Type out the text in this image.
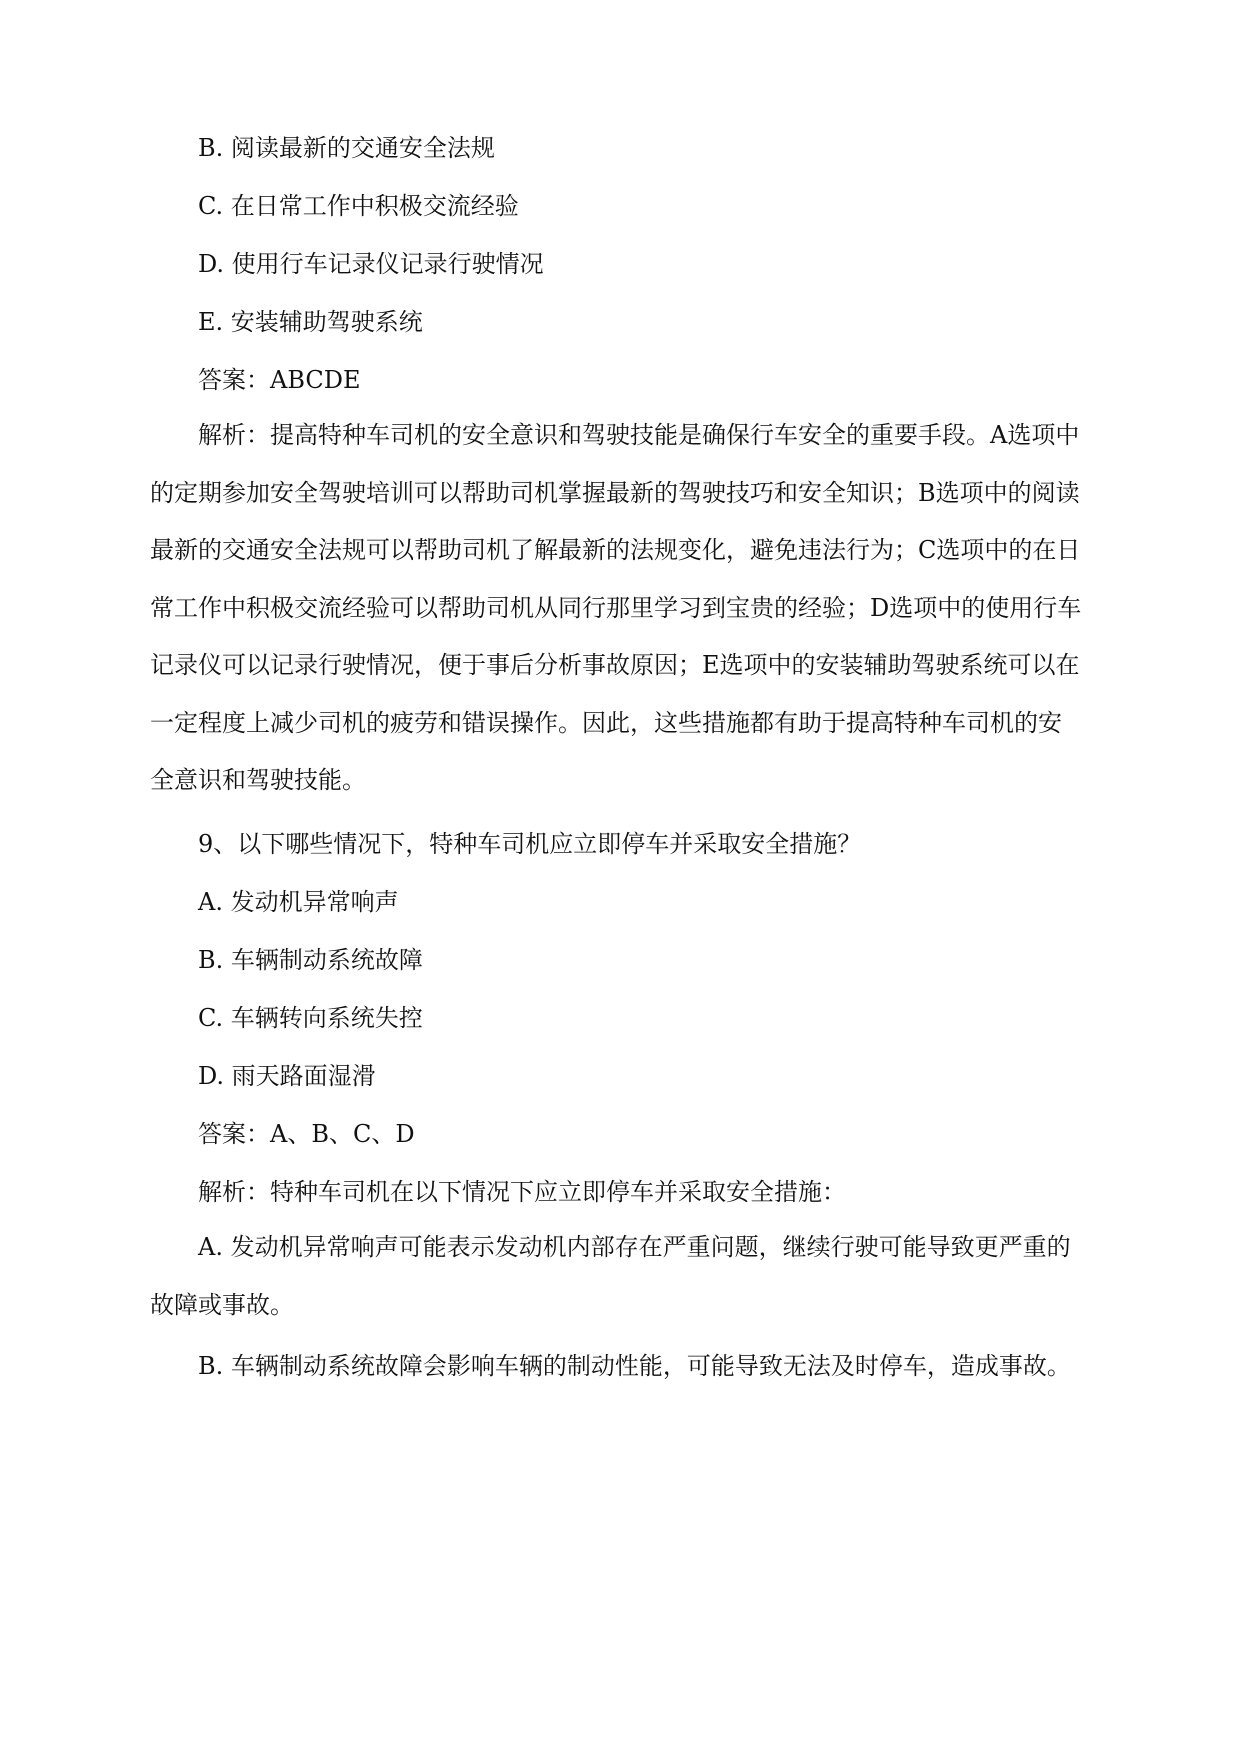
B. 阅读最新的交通安全法规

C. 在日常工作中积极交流经验

D. 使用行车记录仪记录行驶情况

E. 安装辅助驾驶系统

答案：ABCDE

解析：提高特种车司机的安全意识和驾驶技能是确保行车安全的重要手段。A选项中的定期参加安全驾驶培训可以帮助司机掌握最新的驾驶技巧和安全知识；B选项中的阅读最新的交通安全法规可以帮助司机了解最新的法规变化，避免违法行为；C选项中的在日常工作中积极交流经验可以帮助司机从同行那里学习到宝贵的经验；D选项中的使用行车记录仪可以记录行驶情况，便于事后分析事故原因；E选项中的安装辅助驾驶系统可以在一定程度上减少司机的疲劳和错误操作。因此，这些措施都有助于提高特种车司机的安全意识和驾驶技能。

9、以下哪些情况下，特种车司机应立即停车并采取安全措施？

A. 发动机异常响声

B. 车辆制动系统故障

C. 车辆转向系统失控

D. 雨天路面湿滑

答案：A、B、C、D

解析：特种车司机在以下情况下应立即停车并采取安全措施：

A. 发动机异常响声可能表示发动机内部存在严重问题，继续行驶可能导致更严重的故障或事故。

B. 车辆制动系统故障会影响车辆的制动性能，可能导致无法及时停车，造成事故。
